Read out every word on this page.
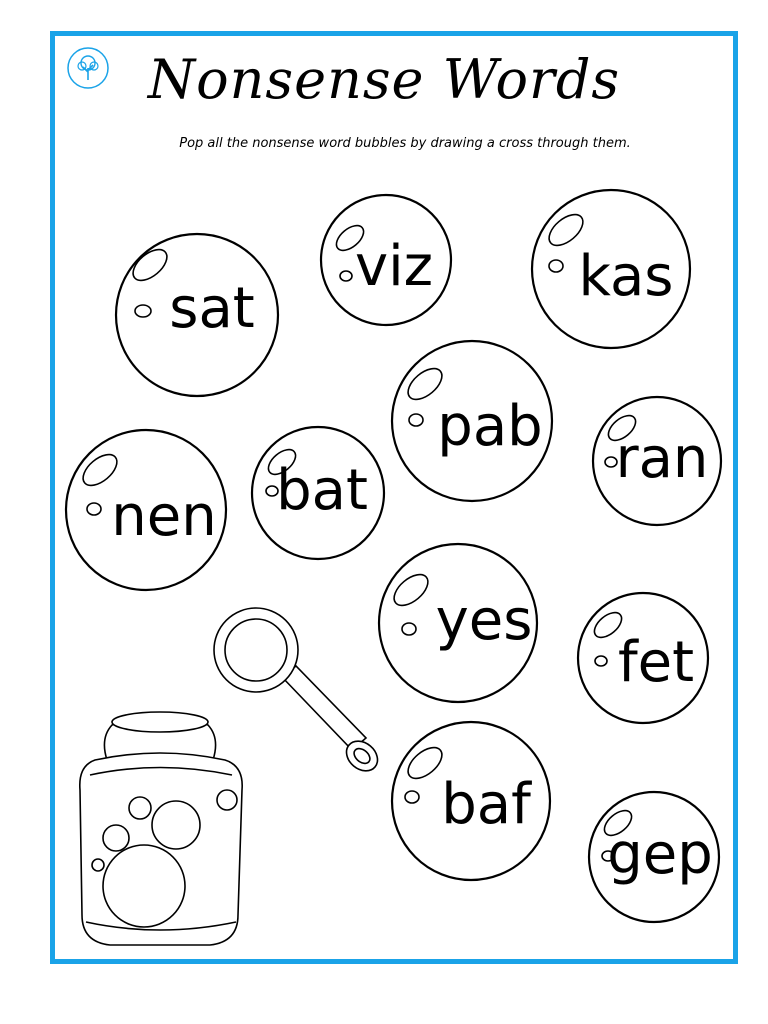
Nonsense Words
Pop all the nonsense word bubbles by drawing a cross through them.
sat
viz	kas
pab ran
nen bat
yes
fet
baf
gep
